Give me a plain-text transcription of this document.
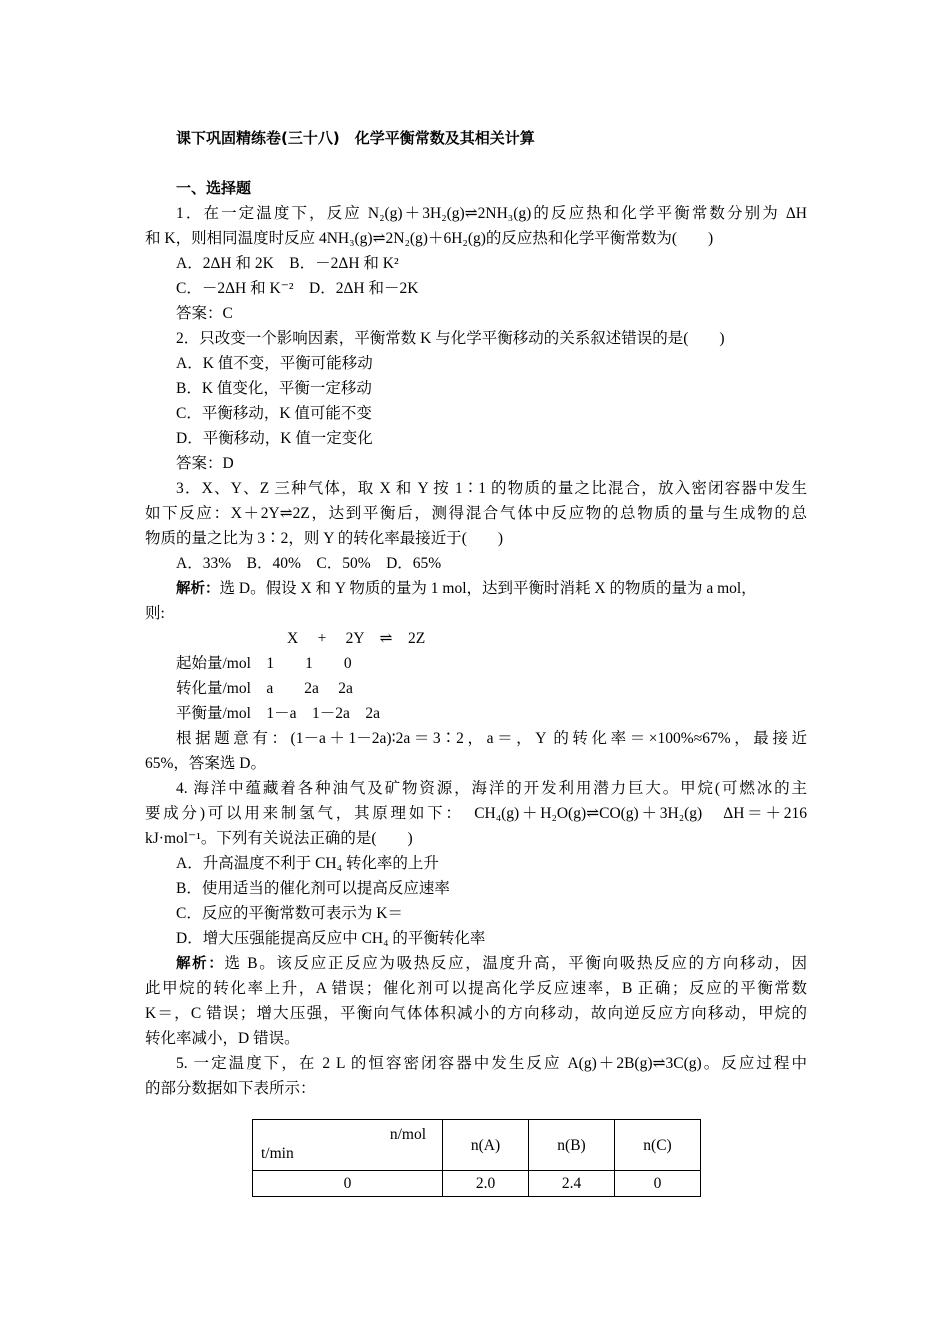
课下巩固精练卷(三十八)　化学平衡常数及其相关计算
一、选择题
1．在一定温度下，反应 N₂(g)＋3H₂(g)⇌2NH₃(g)的反应热和化学平衡常数分别为 ΔH
和 K，则相同温度时反应 4NH₃(g)⇌2N₂(g)＋6H₂(g)的反应热和化学平衡常数为(　　)
A．2ΔH 和 2K　B．－2ΔH 和 K²
C．－2ΔH 和 K⁻²　D．2ΔH 和－2K
答案：C
2．只改变一个影响因素，平衡常数 K 与化学平衡移动的关系叙述错误的是(　　)
A．K 值不变，平衡可能移动
B．K 值变化，平衡一定移动
C．平衡移动，K 值可能不变
D．平衡移动，K 值一定变化
答案：D
3．X、Y、Z 三种气体，取 X 和 Y 按 1∶1 的物质的量之比混合，放入密闭容器中发生
如下反应：X＋2Y⇌2Z，达到平衡后，测得混合气体中反应物的总物质的量与生成物的总
物质的量之比为 3∶2，则 Y 的转化率最接近于(　　)
A．33%　B．40%　C．50%　D．65%
解析：选 D。假设 X 和 Y 物质的量为 1 mol，达到平衡时消耗 X 的物质的量为 a mol，
则:
X　 +　 2Y　⇌　2Z
起始量/mol　1　　1　　0
转化量/mol　a　　2a　 2a
平衡量/mol　1－a　1－2a　2a
根据题意有：(1－a＋1－2a)∶2a＝3∶2，a＝，Y 的转化率＝×100%≈67%，最接近
65%，答案选 D。
4. 海洋中蕴藏着各种油气及矿物资源，海洋的开发利用潜力巨大。甲烷(可燃冰的主
要成分)可以用来制氢气，其原理如下：　CH₄(g)＋H₂O(g)⇌CO(g)＋3H₂(g)　ΔH＝＋216
kJ·mol⁻¹。下列有关说法正确的是(　　)
A．升高温度不利于 CH₄ 转化率的上升
B．使用适当的催化剂可以提高反应速率
C．反应的平衡常数可表示为 K＝
D．增大压强能提高反应中 CH₄ 的平衡转化率
解析：选 B。该反应正反应为吸热反应，温度升高，平衡向吸热反应的方向移动，因
此甲烷的转化率上升，A 错误；催化剂可以提高化学反应速率，B 正确；反应的平衡常数
K＝，C 错误；增大压强，平衡向气体体积减小的方向移动，故向逆反应方向移动，甲烷的
转化率减小，D 错误。
5. 一定温度下，在 2 L 的恒容密闭容器中发生反应 A(g)＋2B(g)⇌3C(g)。反应过程中
的部分数据如下表所示：
n/mol
t/min	n(A)	n(B)	n(C)
0	2.0	2.4	0
